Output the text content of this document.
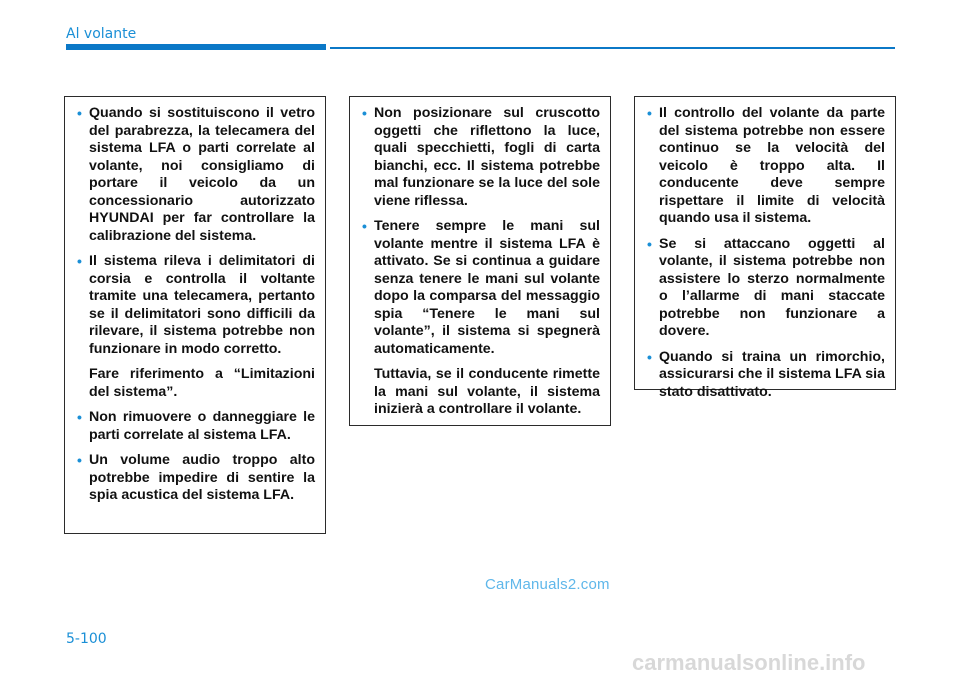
Al volante
• Quando si sostituiscono il vetro del parabrezza, la telecamera del sistema LFA o parti correlate al volante, noi consigliamo di portare il veicolo da un concessionario autorizzato HYUNDAI per far controllare la calibrazione del sistema.
• Il sistema rileva i delimitatori di corsia e controlla il voltante tramite una telecamera, pertanto se il delimitatori sono difficili da rilevare, il sistema potrebbe non funzionare in modo corretto.
Fare riferimento a “Limitazioni del sistema”.
• Non rimuovere o danneggiare le parti correlate al sistema LFA.
• Un volume audio troppo alto potrebbe impedire di sentire la spia acustica del sistema LFA.
• Non posizionare sul cruscotto oggetti che riflettono la luce, quali specchietti, fogli di carta bianchi, ecc. Il sistema potrebbe mal funzionare se la luce del sole viene riflessa.
• Tenere sempre le mani sul volante mentre il sistema LFA è attivato. Se si continua a guidare senza tenere le mani sul volante dopo la comparsa del messaggio spia “Tenere le mani sul volante”, il sistema si spegnerà automaticamente.
Tuttavia, se il conducente rimette la mani sul volante, il sistema inizierà a controllare il volante.
• Il controllo del volante da parte del sistema potrebbe non essere continuo se la velocità del veicolo è troppo alta. Il conducente deve sempre rispettare il limite di velocità quando usa il sistema.
• Se si attaccano oggetti al volante, il sistema potrebbe non assistere lo sterzo normalmente o l’allarme di mani staccate potrebbe non funzionare a dovere.
• Quando si traina un rimorchio, assicurarsi che il sistema LFA sia stato disattivato.
CarManuals2.com
5-100
carmanualsonline.info
